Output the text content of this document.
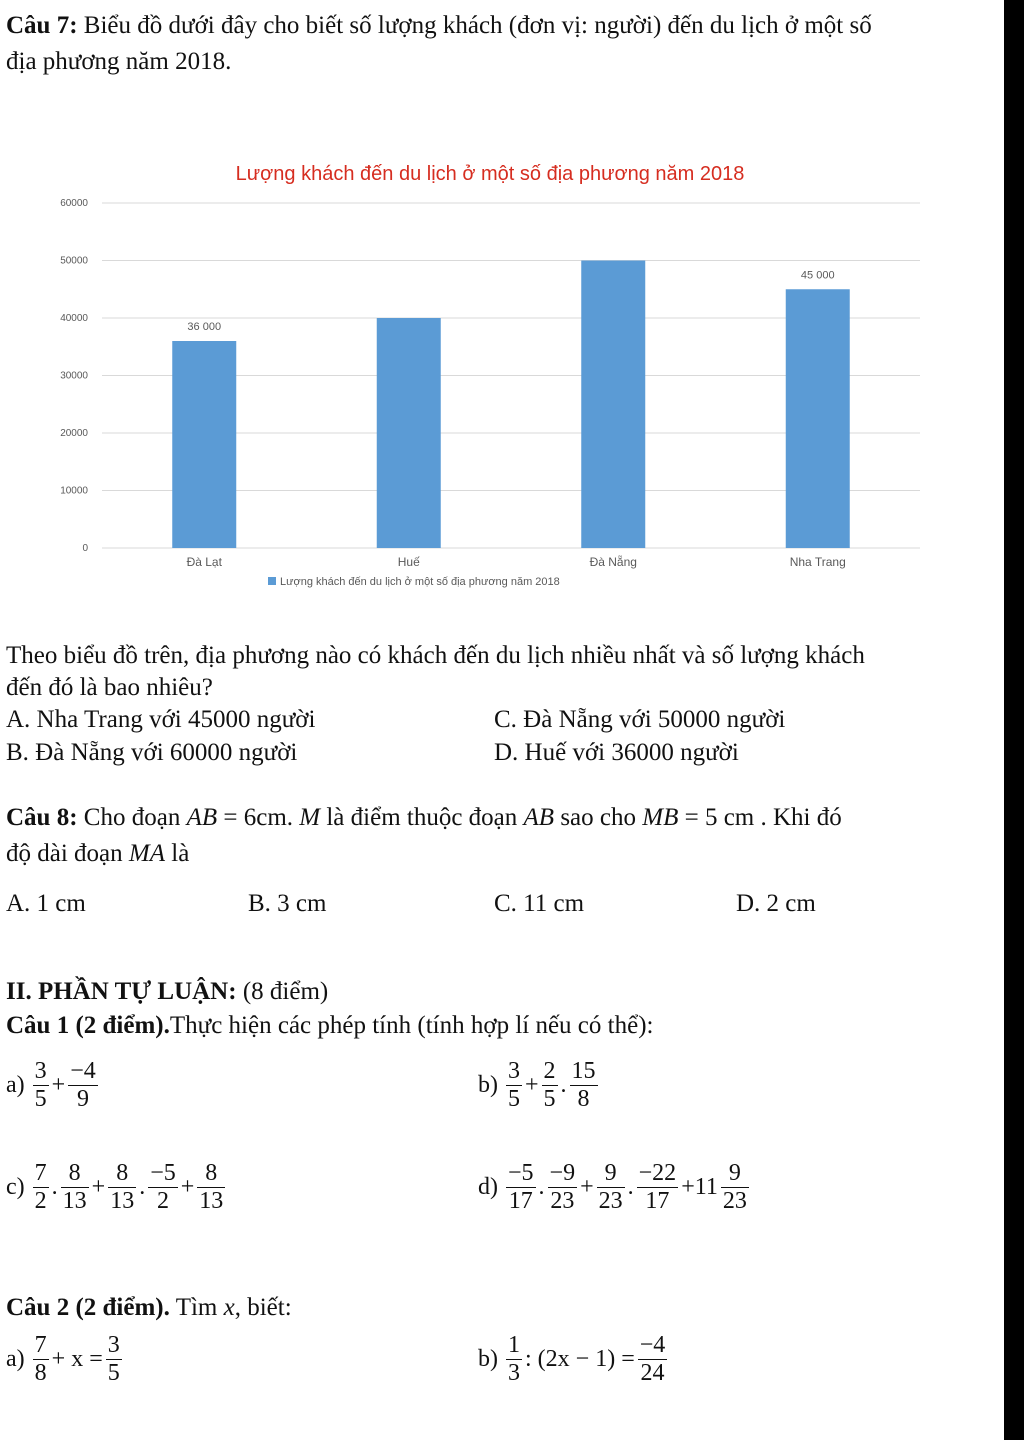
Câu 7: Biểu đồ dưới đây cho biết số lượng khách (đơn vị: người) đến du lịch ở một số
địa phương năm 2018.
Lượng khách đến du lịch ở một số địa phương năm 2018
0
10000
20000
30000
40000
50000
60000
Đà Lạt
36 000
Huế	Đà Nẵng	Nha Trang
45 000
Lượng khách đến du lịch ở một số địa phương năm 2018
Theo biểu đồ trên, địa phương nào có khách đến du lịch nhiều nhất và số lượng khách
đến đó là bao nhiêu?
A. Nha Trang với 45000 người	C. Đà Nẵng với 50000 người
B. Đà Nẵng với 60000 người	D. Huế với 36000 người
Câu 8: Cho đoạn AB = 6cm. M là điểm thuộc đoạn AB sao cho MB = 5 cm . Khi đó
độ dài đoạn MA là
A. 1 cm	B. 3 cm	C. 11 cm	D. 2 cm
II. PHẦN TỰ LUẬN: (8 điểm)
Câu 1 (2 điểm).Thực hiện các phép tính (tính hợp lí nếu có thể):
$a) \frac{3}{5} + \frac{-4}{9}$	$b) \frac{3}{5} + \frac{2}{5}$ . $\frac{15}{8}$
$c) \frac{7}{2}$ . $\frac{8}{13} + \frac{8}{13}$ . $\frac{-5}{2} + \frac{8}{13}$	$d) \frac{-5}{17}$ . $\frac{-9}{23} + \frac{9}{23}$ . $\frac{-22}{17} +11 \frac{9}{23}$
Câu 2 (2 điểm). Tìm x, biết:
$a) \frac{7}{8} + x = \frac{3}{5}$	$b) \frac{1}{3}$ : $(2x - 1) = \frac{-4}{24}$
